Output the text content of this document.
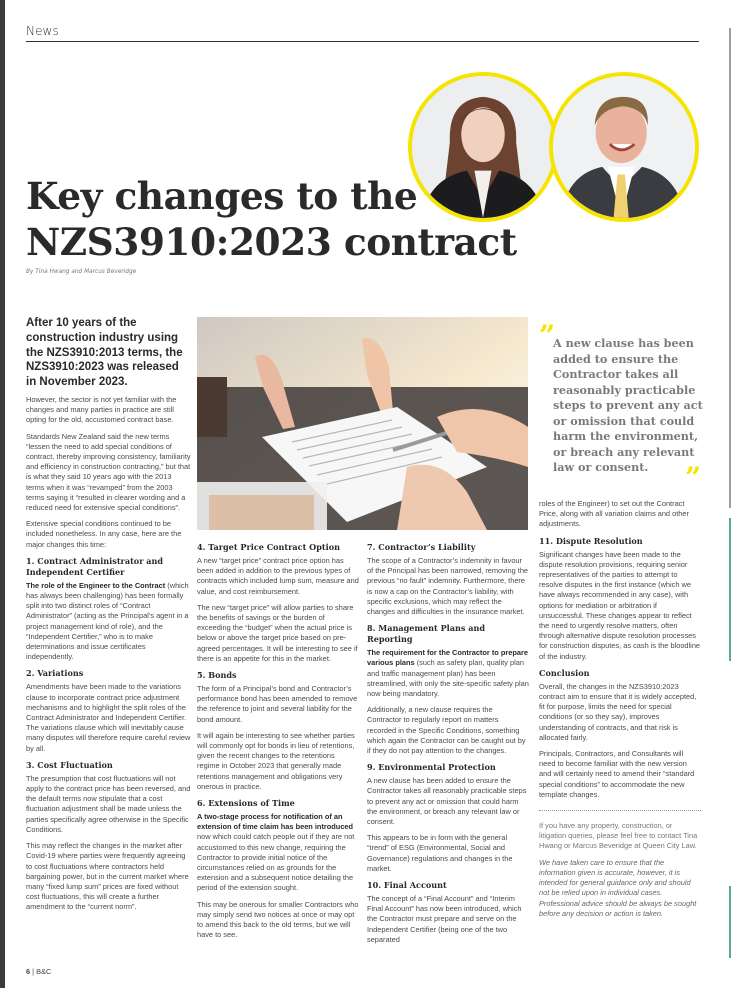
News
Key changes to the
NZS3910:2023 contract
By Tina Hwang and Marcus Beveridge
After 10 years of the construction industry using the NZS3910:2013 terms, the NZS3910:2023 was released in November 2023.

However, the sector is not yet familiar with the changes and many parties in practice are still opting for the old, accustomed contract base.

Standards New Zealand said the new terms “lessen the need to add special conditions of contract, thereby improving consistency, familiarity and efficiency in construction contracting,” but that is what they said 10 years ago with the 2013 terms when it was “revamped” from the 2003 terms saying it “resulted in clearer wording and a reduced need for extensive special conditions”.

Extensive special conditions continued to be included nonetheless. In any case, here are the major changes this time:

1. Contract Administrator and Independent Certifier

The role of the Engineer to the Contract (which has always been challenging) has been formally split into two distinct roles of “Contract Administrator” (acting as the Principal’s agent in a project management kind of role), and the “Independent Certifier,” who is to make determinations and issue certificates independently.

2. Variations

Amendments have been made to the variations clause to incorporate contract price adjustment mechanisms and to highlight the split roles of the Contract Administrator and Independent Certifier. The variations clause which will inevitably cause many disputes will therefore require careful review by all.

3. Cost Fluctuation

The presumption that cost fluctuations will not apply to the contract price has been reversed, and the default terms now stipulate that a cost fluctuation adjustment shall be made unless the parties specifically agree otherwise in the Specific Conditions.

This may reflect the changes in the market after Covid-19 where parties were frequently agreeing to cost fluctuations where contractors held bargaining power, but in the current market where many “fixed lump sum” prices are fixed without cost fluctuations, this will create a further amendment to the “current norm”.

4. Target Price Contract Option

A new “target price” contract price option has been added in addition to the previous types of contracts which included lump sum, measure and value, and cost reimbursement.

The new “target price” will allow parties to share the benefits of savings or the burden of exceeding the “budget” when the actual price is below or above the target price based on pre-agreed percentages. It will be interesting to see if there is an appetite for this in the market.

5. Bonds

The form of a Principal’s bond and Contractor’s performance bond has been amended to remove the reference to joint and several liability for the bond amount.

It will again be interesting to see whether parties will commonly opt for bonds in lieu of retentions, given the recent changes to the retentions regime in October 2023 that generally made retentions management and obligations very onerous in practice.

6. Extensions of Time

A two-stage process for notification of an extension of time claim has been introduced now which could catch people out if they are not accustomed to this new change, requiring the Contractor to provide initial notice of the circumstances relied on as grounds for the extension and a subsequent notice detailing the period of the extension sought.

This may be onerous for smaller Contractors who may simply send two notices at once or may opt to amend this back to the old terms, but we will have to see.

7. Contractor’s Liability

The scope of a Contractor’s indemnity in favour of the Principal has been narrowed, removing the previous “no fault” indemnity. Furthermore, there is now a cap on the Contractor’s liability, with specific exclusions, which may reflect the changes and difficulties in the insurance market.

8. Management Plans and Reporting

The requirement for the Contractor to prepare various plans (such as safety plan, quality plan and traffic management plan) has been streamlined, with only the site-specific safety plan now being mandatory.

Additionally, a new clause requires the Contractor to regularly report on matters recorded in the Specific Conditions, something which again the Contractor can be caught out by if they do not pay attention to the changes.

9. Environmental Protection

A new clause has been added to ensure the Contractor takes all reasonably practicable steps to prevent any act or omission that could harm the environment, or breach any relevant law or consent.

This appears to be in form with the general “trend” of ESG (Environmental, Social and Governance) regulations and changes in the market.

10. Final Account

The concept of a “Final Account” and “Interim Final Account” has now been introduced, which the Contractor must prepare and serve on the Independent Certifier (being one of the two separated

”
A new clause has been added to ensure the Contractor takes all reasonably practicable steps to prevent any act or omission that could harm the environment, or breach any relevant law or consent.	”

roles of the Engineer) to set out the Contract Price, along with all variation claims and other adjustments.

11. Dispute Resolution

Significant changes have been made to the dispute resolution provisions, requiring senior representatives of the parties to attempt to resolve disputes in the first instance (which we have always recommended in any case), with options for mediation or arbitration if unsuccessful. These changes appear to reflect the need to urgently resolve matters, often through alternative dispute resolution processes for construction disputes, as cash is the bloodline of the industry.

Conclusion

Overall, the changes in the NZS3910:2023 contract aim to ensure that it is widely accepted, fit for purpose, limits the need for special conditions (or so they say), improves understanding of contracts, and that risk is allocated fairly.

Principals, Contractors, and Consultants will need to become familiar with the new version and will certainly need to amend their “standard special conditions” to accommodate the new template changes.

If you have any property, construction, or litigation queries, please feel free to contact Tina Hwang or Marcus Beveridge at Queen City Law.

We have taken care to ensure that the information given is accurate, however, it is intended for general guidance only and should not be relied upon in individual cases. Professional advice should be always be sought before any decision or action is taken.

6 | B&C
